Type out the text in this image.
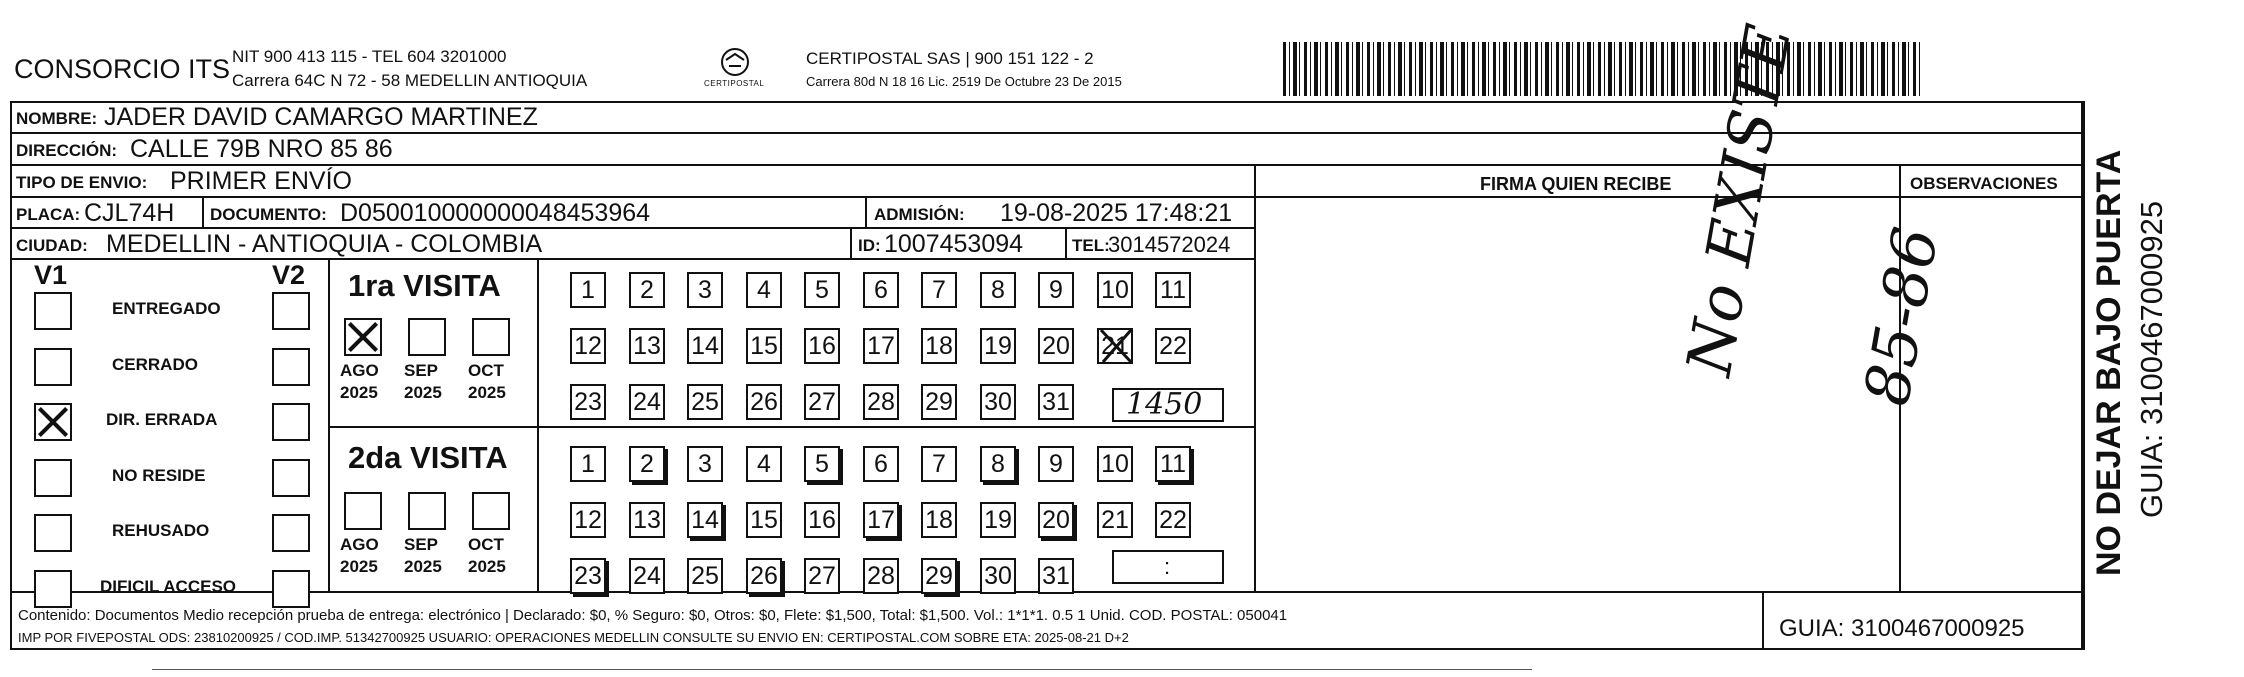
CONSORCIO ITS NIT 900 413 115 - TEL 604 3201000
Carrera 64C N 72 - 58 MEDELLIN ANTIOQUIA	CERTIPOSTAL
CERTIPOSTAL SAS | 900 151 122 - 2
Carrera 80d N 18 16 Lic. 2519 De Octubre 23 De 2015
NOMBRE: JADER DAVID CAMARGO MARTINEZ
DIRECCIÓN: CALLE 79B NRO 85 86
TIPO DE ENVIO: PRIMER ENVÍO	FIRMA QUIEN RECIBE	OBSERVACIONES
PLACA: CJL74H DOCUMENTO: D050010000000048453964	ADMISIÓN: 19-08-2025 17:48:21
CIUDAD: MEDELLIN - ANTIOQUIA - COLOMBIA	ID: 1007453094	TEL:
3014572024
V1	V2
ENTREGADO
CERRADO
DIR. ERRADA
NO RESIDE
REHUSADO
DIFICIL ACCESO
1ra VISITA
2da VISITA
AGO
2025
SEP
2025
OCT
2025
AGO
2025
SEP
2025
OCT
2025
1	2	3	4	5	6	7	8	9	10 11
12 13 14 15 16 17 18 19 20 21 22
23 24 25 26 27 28 29 30 31
1	2	3	4	5	6	7	8	9	10 11
12 13 14 15 16 17 18 19 20 21 22
23 24 25 26 27 28 29 30 31
1450
:
No EXISTE 85-86	NO DEJAR BAJO PUERTA GUIA: 3100467000925
Contenido: Documentos Medio recepción prueba de entrega: electrónico | Declarado: $0, % Seguro: $0, Otros: $0, Flete: $1,500, Total: $1,500. Vol.: 1*1*1. 0.5 1 Unid. COD. POSTAL: 050041
IMP POR FIVEPOSTAL ODS: 23810200925 / COD.IMP. 51342700925 USUARIO: OPERACIONES MEDELLIN CONSULTE SU ENVIO EN: CERTIPOSTAL.COM SOBRE ETA: 2025-08-21 D+2	GUIA: 3100467000925
